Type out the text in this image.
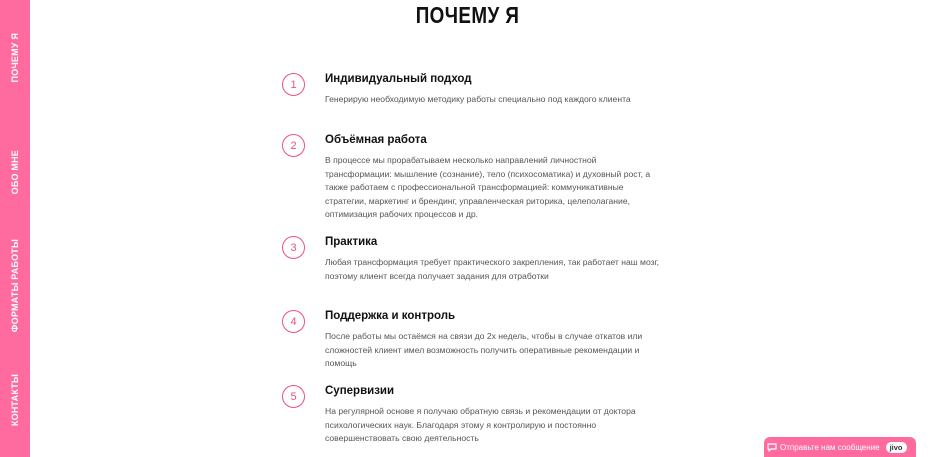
ПОЧЕМУ Я
ОБО МНЕ
ФОРМАТЫ РАБОТЫ
КОНТАКТЫ
ПОЧЕМУ Я
1	Индивидуальный подход

Генерирую необходимую методику работы специально под каждого клиента

2	Объёмная работа

В процессе мы прорабатываем несколько направлений личностной трансформации: мышление (сознание), тело (психосоматика) и духовный рост, а также работаем с профессиональной трансформацией: коммуникативные стратегии, маркетинг и брендинг, управленческая риторика, целеполагание, оптимизация рабочих процессов и др.

3	Практика

Любая трансформация требует практического закрепления, так работает наш мозг, поэтому клиент всегда получает задания для отработки

4	Поддержка и контроль

После работы мы остаёмся на связи до 2х недель, чтобы в случае откатов или сложностей клиент имел возможность получить оперативные рекомендации и помощь

5	Супервизии

На регулярной основе я получаю обратную связь и рекомендации от доктора психологических наук. Благодаря этому я контролирую и постоянно совершенствовать свою деятельность

Отправьте нам сообщение	jivo
